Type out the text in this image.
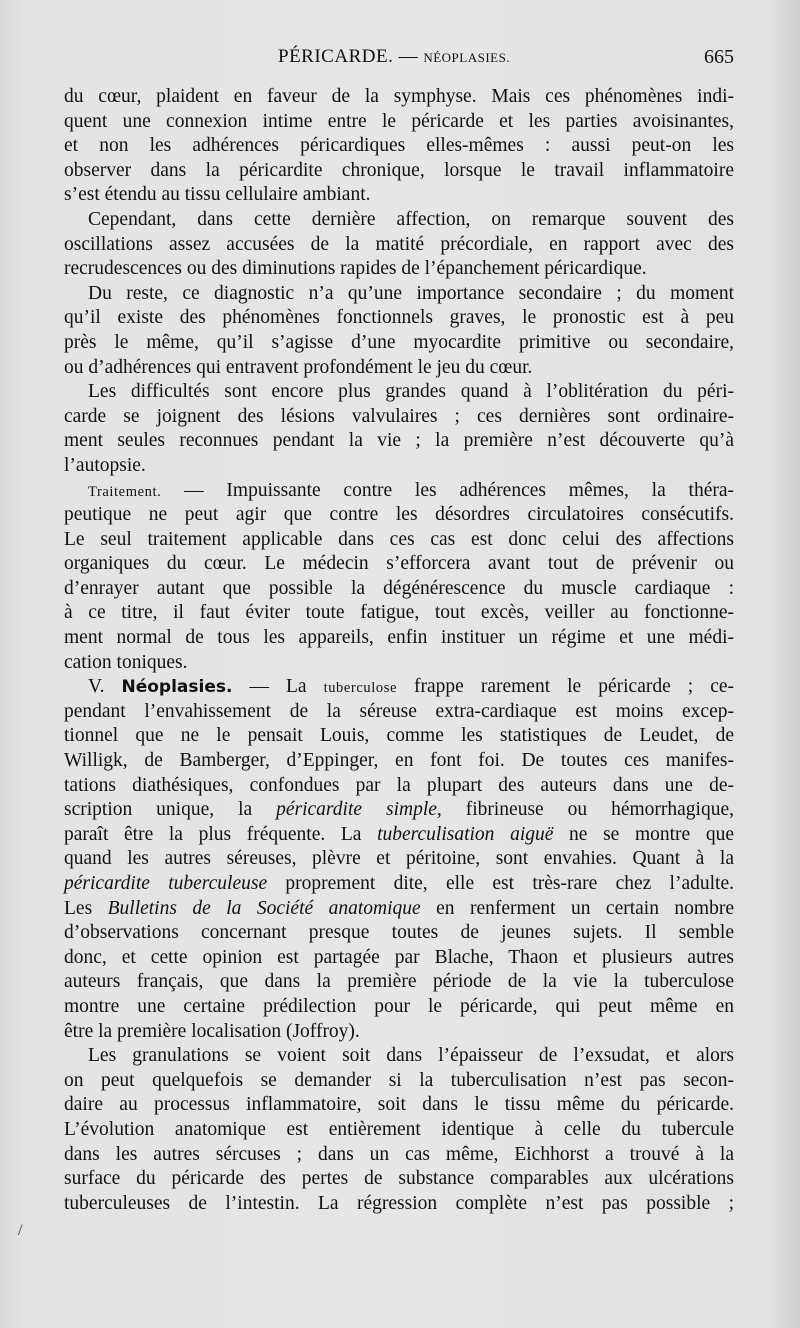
PÉRICARDE. — NÉOPLASIES.	665
du cœur, plaident en faveur de la symphyse. Mais ces phénomènes indi-
quent une connexion intime entre le péricarde et les parties avoisinantes,
et non les adhérences péricardiques elles-mêmes : aussi peut-on les
observer dans la péricardite chronique, lorsque le travail inflammatoire
s’est étendu au tissu cellulaire ambiant.
Cependant, dans cette dernière affection, on remarque souvent des
oscillations assez accusées de la matité précordiale, en rapport avec des
recrudescences ou des diminutions rapides de l’épanchement péricardique.
Du reste, ce diagnostic n’a qu’une importance secondaire ; du moment
qu’il existe des phénomènes fonctionnels graves, le pronostic est à peu
près le même, qu’il s’agisse d’une myocardite primitive ou secondaire,
ou d’adhérences qui entravent profondément le jeu du cœur.
Les difficultés sont encore plus grandes quand à l’oblitération du péri-
carde se joignent des lésions valvulaires ; ces dernières sont ordinaire-
ment seules reconnues pendant la vie ; la première n’est découverte qu’à
l’autopsie.
Traitement. — Impuissante contre les adhérences mêmes, la théra-
peutique ne peut agir que contre les désordres circulatoires consécutifs.
Le seul traitement applicable dans ces cas est donc celui des affections
organiques du cœur. Le médecin s’efforcera avant tout de prévenir ou
d’enrayer autant que possible la dégénérescence du muscle cardiaque :
à ce titre, il faut éviter toute fatigue, tout excès, veiller au fonctionne-
ment normal de tous les appareils, enfin instituer un régime et une médi-
cation toniques.
V. Néoplasies. — La tuberculose frappe rarement le péricarde ; ce-
pendant l’envahissement de la séreuse extra-cardiaque est moins excep-
tionnel que ne le pensait Louis, comme les statistiques de Leudet, de
Willigk, de Bamberger, d’Eppinger, en font foi. De toutes ces manifes-
tations diathésiques, confondues par la plupart des auteurs dans une de-
scription unique, la péricardite simple, fibrineuse ou hémorrhagique,
paraît être la plus fréquente. La tuberculisation aiguë ne se montre que
quand les autres séreuses, plèvre et péritoine, sont envahies. Quant à la
péricardite tuberculeuse proprement dite, elle est très-rare chez l’adulte.
Les Bulletins de la Société anatomique en renferment un certain nombre
d’observations concernant presque toutes de jeunes sujets. Il semble
donc, et cette opinion est partagée par Blache, Thaon et plusieurs autres
auteurs français, que dans la première période de la vie la tuberculose
montre une certaine prédilection pour le péricarde, qui peut même en
être la première localisation (Joffroy).
Les granulations se voient soit dans l’épaisseur de l’exsudat, et alors
on peut quelquefois se demander si la tuberculisation n’est pas secon-
daire au processus inflammatoire, soit dans le tissu même du péricarde.
L’évolution anatomique est entièrement identique à celle du tubercule
dans les autres sércuses ; dans un cas même, Eichhorst a trouvé à la
surface du péricarde des pertes de substance comparables aux ulcérations
tuberculeuses de l’intestin. La régression complète n’est pas possible ;
/
